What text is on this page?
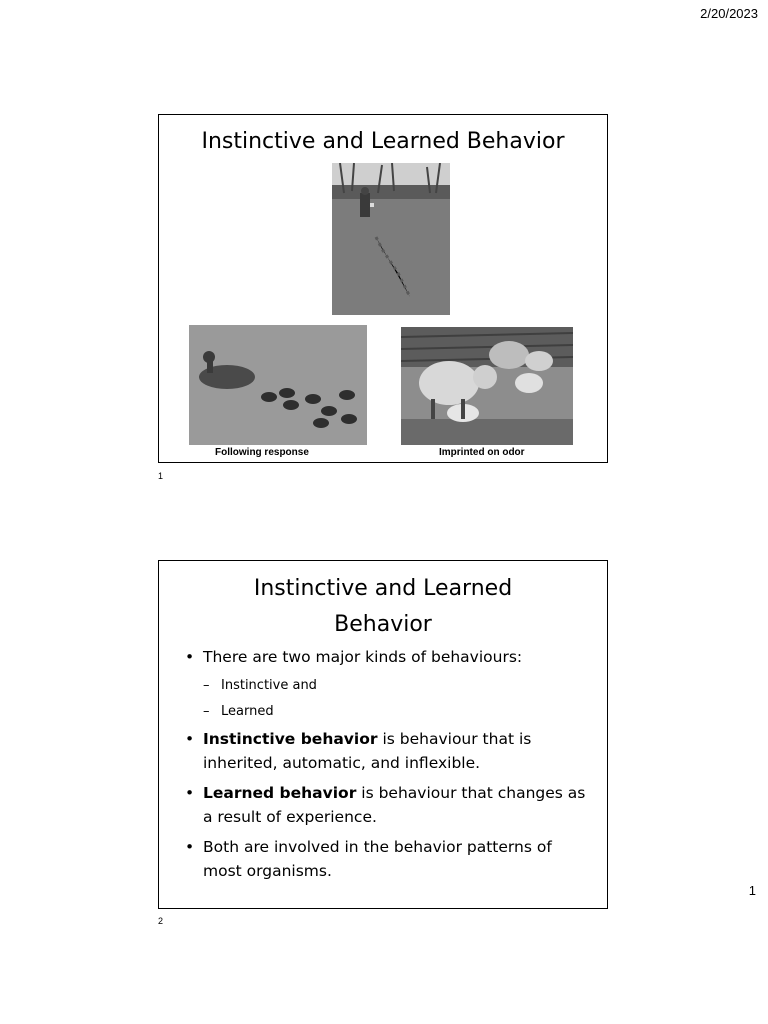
2/20/2023
Instinctive and Learned Behavior
Following response	Imprinted on odor
1
Instinctive and Learned
Behavior
• There are two major kinds of behaviours:
– Instinctive and
– Learned
• Instinctive behavior is behaviour that is inherited, automatic, and inflexible.
• Learned behavior is behaviour that changes as a result of experience.
• Both are involved in the behavior patterns of most organisms.
2
1
